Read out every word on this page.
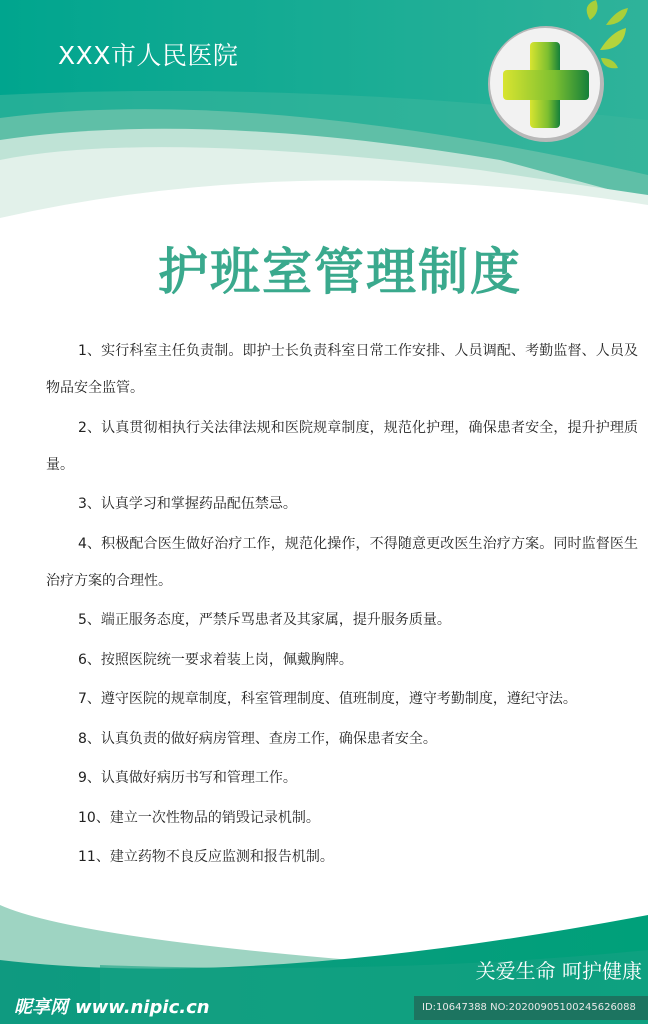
XXX市人民医院
护班室管理制度

1、实行科室主任负责制。即护士长负责科室日常工作安排、人员调配、考勤监督、人员及物品安全监管。

2、认真贯彻相执行关法律法规和医院规章制度，规范化护理，确保患者安全，提升护理质量。

3、认真学习和掌握药品配伍禁忌。

4、积极配合医生做好治疗工作，规范化操作，不得随意更改医生治疗方案。同时监督医生治疗方案的合理性。

5、端正服务态度，严禁斥骂患者及其家属，提升服务质量。

6、按照医院统一要求着装上岗，佩戴胸牌。

7、遵守医院的规章制度，科室管理制度、值班制度，遵守考勤制度，遵纪守法。

8、认真负责的做好病房管理、查房工作，确保患者安全。

9、认真做好病历书写和管理工作。

10、建立一次性物品的销毁记录机制。

11、建立药物不良反应监测和报告机制。

关爱生命 呵护健康
ID:10647388 NO:20200905100245626088
昵享网 www.nipic.cn
